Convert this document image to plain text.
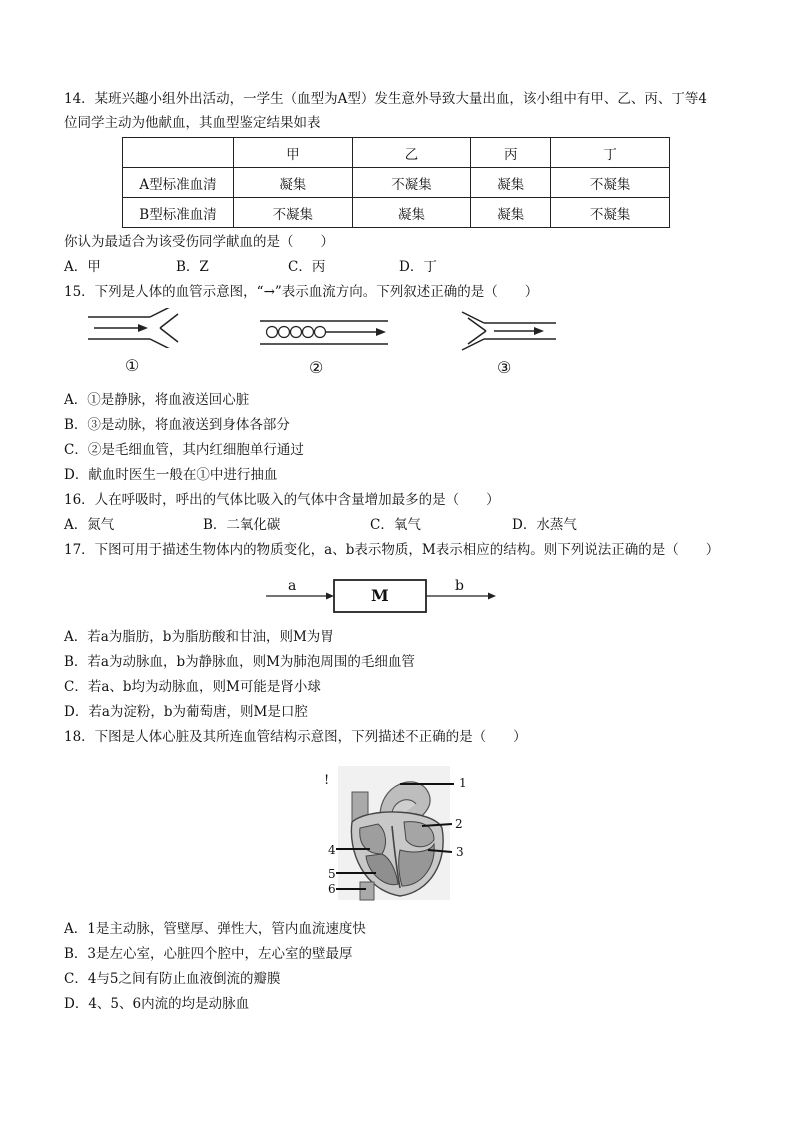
14．某班兴趣小组外出活动，一学生（血型为A型）发生意外导致大量出血，该小组中有甲、乙、丙、丁等4
位同学主动为他献血，其血型鉴定结果如表
	甲	乙	丙	丁
A型标准血清	凝集	不凝集	凝集	不凝集
B型标准血清	不凝集	凝集	凝集	不凝集
你认为最适合为该受伤同学献血的是（　　）
A．甲	B．Z	C．丙	D．丁
15．下列是人体的血管示意图，“→”表示血流方向。下列叙述正确的是（　　）
①	②	③
A．①是静脉，将血液送回心脏
B．③是动脉，将血液送到身体各部分
C．②是毛细血管，其内红细胞单行通过
D．献血时医生一般在①中进行抽血
16．人在呼吸时，呼出的气体比吸入的气体中含量增加最多的是（　　）
A．氮气	B．二氧化碳	C．氧气	D．水蒸气
17．下图可用于描述生物体内的物质变化，a、b表示物质，M表示相应的结构。则下列说法正确的是（　　）
a	M	b
A．若a为脂肪，b为脂肪酸和甘油，则M为胃
B．若a为动脉血，b为静脉血，则M为肺泡周围的毛细血管
C．若a、b均为动脉血，则M可能是肾小球
D．若a为淀粉，b为葡萄唐，则M是口腔
18．下图是人体心脏及其所连血管结构示意图，下列描述不正确的是（　　）
!	1
2
3
4
5
6
A．1是主动脉，管壁厚、弹性大，管内血流速度快
B．3是左心室，心脏四个腔中，左心室的壁最厚
C．4与5之间有防止血液倒流的瓣膜
D．4、5、6内流的均是动脉血
